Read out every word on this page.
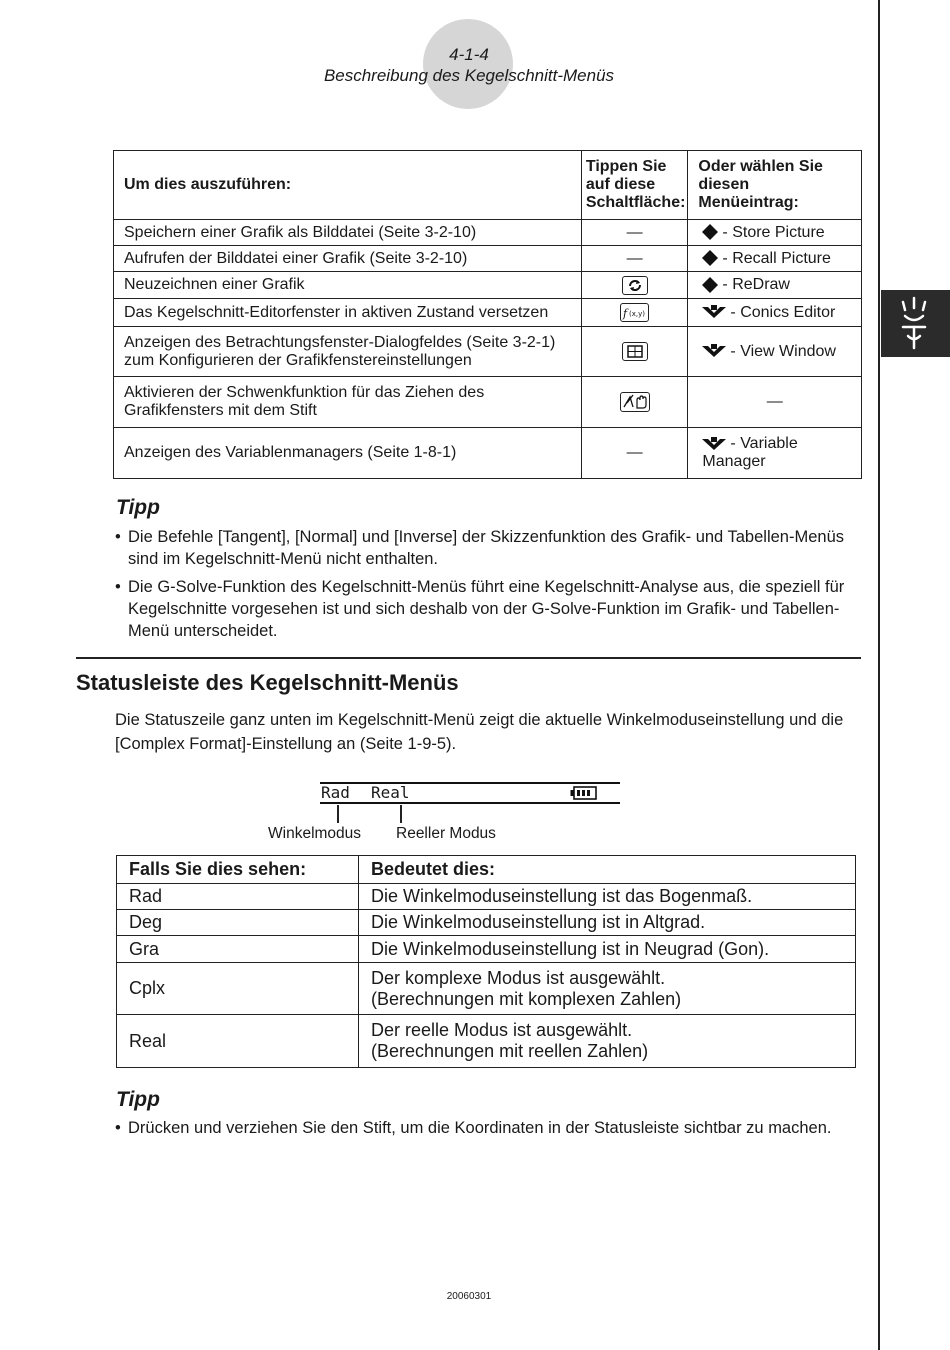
4-1-4
Beschreibung des Kegelschnitt-Menüs
Um dies auszuführen:	Tippen Sie auf diese Schaltfläche:	Oder wählen Sie diesen Menüeintrag:
Speichern einer Grafik als Bilddatei (Seite 3-2-10)	—	- Store Picture
Aufrufen der Bilddatei einer Grafik (Seite 3-2-10)	—	- Recall Picture
Neuzeichnen einer Grafik		- ReDraw
Das Kegelschnitt-Editorfenster in aktiven Zustand versetzen	f (x,y)	- Conics Editor
Anzeigen des Betrachtungsfenster-Dialogfeldes (Seite 3-2-1) zum Konfigurieren der Grafikfenstereinstellungen		- View Window
Aktivieren der Schwenkfunktion für das Ziehen des Grafikfensters mit dem Stift		—
Anzeigen des Variablenmanagers (Seite 1-8-1)	—	- Variable Manager
Tipp
• Die Befehle [Tangent], [Normal] und [Inverse] der Skizzenfunktion des Grafik- und Tabellen-Menüs sind im Kegelschnitt-Menü nicht enthalten.
• Die G-Solve-Funktion des Kegelschnitt-Menüs führt eine Kegelschnitt-Analyse aus, die speziell für Kegelschnitte vorgesehen ist und sich deshalb von der G-Solve-Funktion im Grafik- und Tabellen-Menü unterscheidet.
Statusleiste des Kegelschnitt-Menüs
Die Statuszeile ganz unten im Kegelschnitt-Menü zeigt die aktuelle Winkelmoduseinstellung und die [Complex Format]-Einstellung an (Seite 1-9-5).
Rad Real
Winkelmodus Reeller Modus
Falls Sie dies sehen:	Bedeutet dies:
Rad	Die Winkelmoduseinstellung ist das Bogenmaß.
Deg	Die Winkelmoduseinstellung ist in Altgrad.
Gra	Die Winkelmoduseinstellung ist in Neugrad (Gon).
Cplx	Der komplexe Modus ist ausgewählt.
(Berechnungen mit komplexen Zahlen)

Real	Der reelle Modus ist ausgewählt.
(Berechnungen mit reellen Zahlen)
Tipp
• Drücken und verziehen Sie den Stift, um die Koordinaten in der Statusleiste sichtbar zu machen.
20060301
